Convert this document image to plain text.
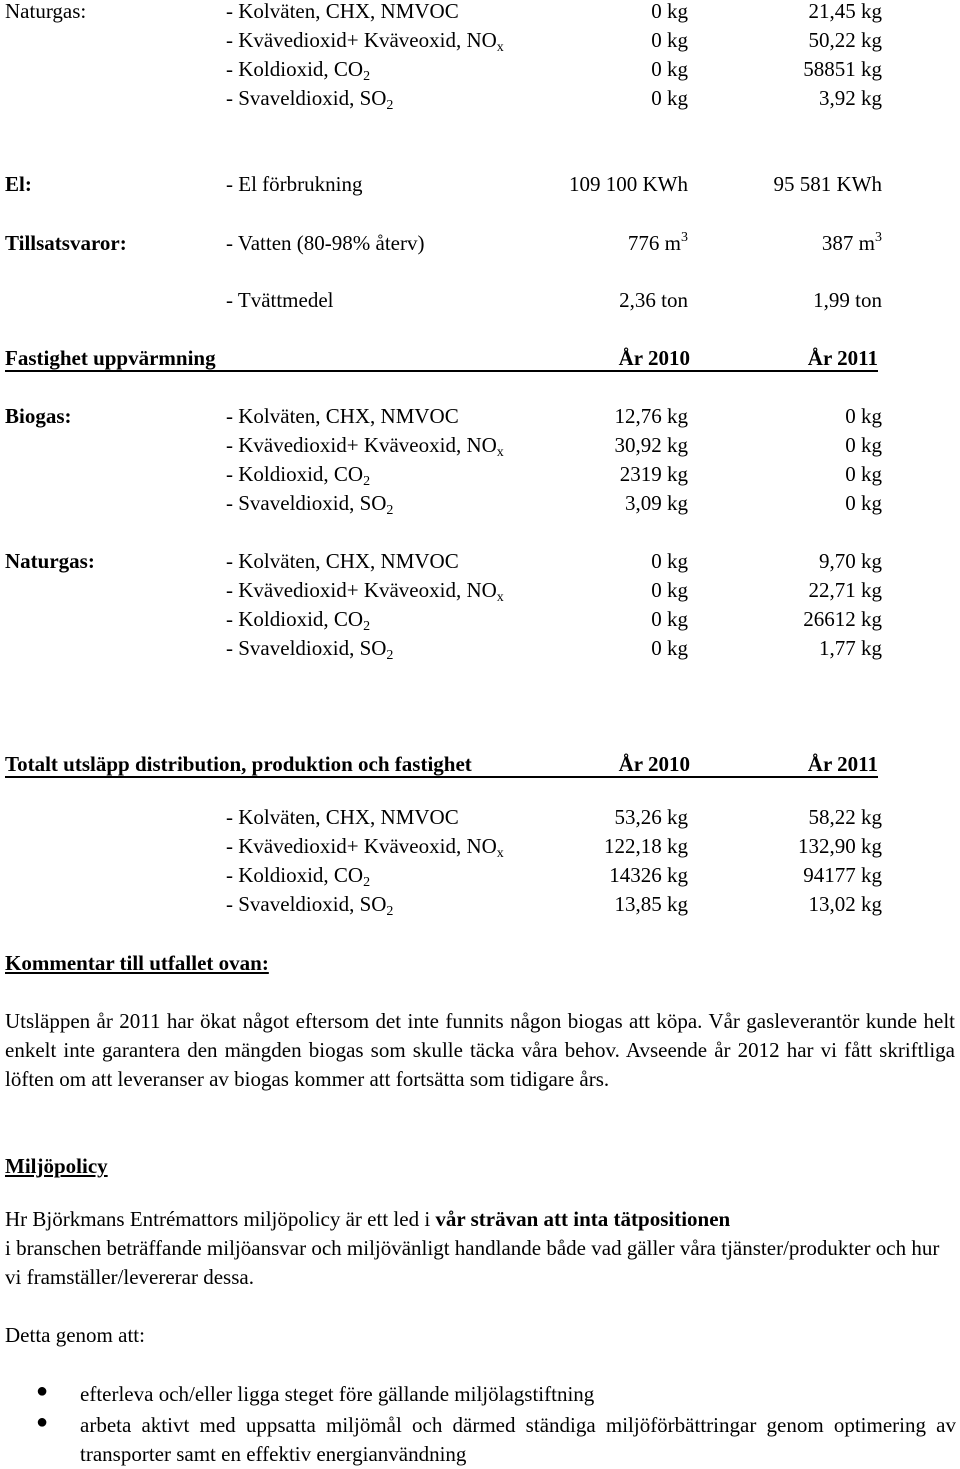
Naturgas:	- Kolväten, CHX, NMVOC	0 kg	21,45 kg
- Kvävedioxid+ Kväveoxid, $NO_x$	0 kg	50,22 kg
- Koldioxid, $CO_2$	0 kg	58851 kg
- Svaveldioxid, $SO_2$	0 kg	3,92 kg
El:	- El förbrukning	109 100 KWh	95 581 KWh
Tillsatsvaror:	- Vatten (80-98% återv)	776 $m^3$	387 $m^3$
- Tvättmedel	2,36 ton	1,99 ton
Fastighet uppvärmning	År 2010	År 2011
Biogas:	- Kolväten, CHX, NMVOC	12,76 kg	0 kg
- Kvävedioxid+ Kväveoxid, $NO_x$	30,92 kg	0 kg
- Koldioxid, $CO_2$	2319 kg	0 kg
- Svaveldioxid, $SO_2$	3,09 kg	0 kg
Naturgas:	- Kolväten, CHX, NMVOC	0 kg	9,70 kg
- Kvävedioxid+ Kväveoxid, $NO_x$	0 kg	22,71 kg
- Koldioxid, $CO_2$	0 kg	26612 kg
- Svaveldioxid, $SO_2$	0 kg	1,77 kg
Totalt utsläpp distribution, produktion och fastighet	År 2010	År 2011
- Kolväten, CHX, NMVOC	53,26 kg	58,22 kg
- Kvävedioxid+ Kväveoxid, $NO_x$	122,18 kg	132,90 kg
- Koldioxid, $CO_2$	14326 kg	94177 kg
- Svaveldioxid, $SO_2$	13,85 kg	13,02 kg
Kommentar till utfallet ovan:
Utsläppen år 2011 har ökat något eftersom det inte funnits någon biogas att köpa. Vår gasleverantör kunde helt enkelt inte garantera den mängden biogas som skulle täcka våra behov. Avseende år 2012 har vi fått skriftliga löften om att leveranser av biogas kommer att fortsätta som tidigare års.
Miljöpolicy
Hr Björkmans Entrémattors miljöpolicy är ett led i vår strävan att inta tätpositionen
i branschen beträffande miljöansvar och miljövänligt handlande både vad gäller våra tjänster/produkter och hur vi framställer/levererar dessa.
Detta genom att:
● efterleva och/eller ligga steget före gällande miljölagstiftning
● arbeta aktivt med uppsatta miljömål och därmed ständiga miljöförbättringar genom optimering av transporter samt en effektiv energianvändning
